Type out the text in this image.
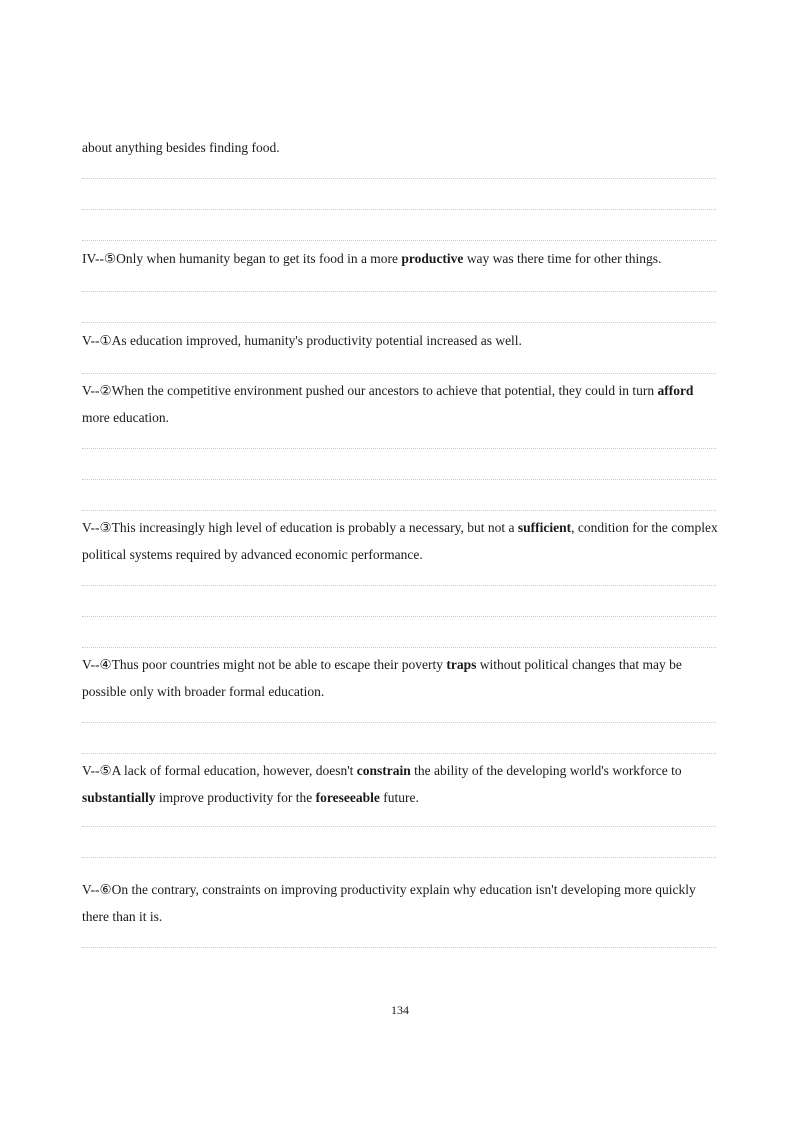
about anything besides finding food.
IV--⑤Only when humanity began to get its food in a more productive way was there time for other things.
V--①As education improved, humanity's productivity potential increased as well.
V--②When the competitive environment pushed our ancestors to achieve that potential, they could in turn afford more education.
V--③This increasingly high level of education is probably a necessary, but not a sufficient, condition for the complex political systems required by advanced economic performance.
V--④Thus poor countries might not be able to escape their poverty traps without political changes that may be possible only with broader formal education.
V--⑤A lack of formal education, however, doesn't constrain the ability of the developing world's workforce to substantially improve productivity for the foreseeable future.
V--⑥On the contrary, constraints on improving productivity explain why education isn't developing more quickly there than it is.
134
